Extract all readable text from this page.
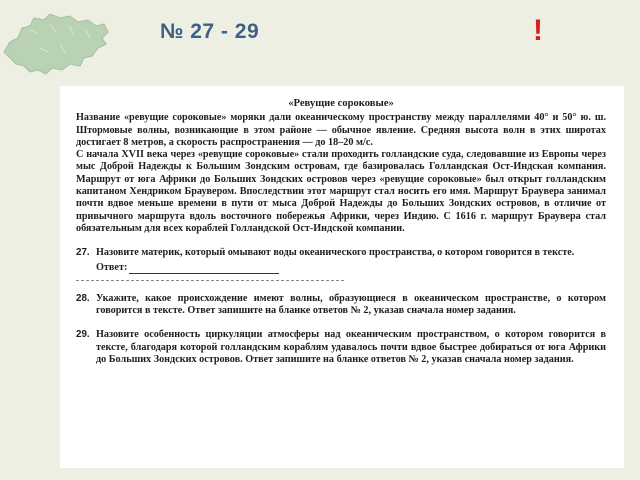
№ 27 - 29	!
«Ревущие сороковые»

Название «ревущие сороковые» моряки дали океаническому пространству между параллелями 40° и 50° ю. ш. Штормовые волны, возникающие в этом районе — обычное явление. Средняя высота волн в этих широтах достигает 8 метров, а скорость распространения — до 18–20 м/с.

С начала XVII века через «ревущие сороковые» стали проходить голландские суда, следовавшие из Европы через мыс Доброй Надежды к Большим Зондским островам, где базировалась Голландская Ост-Индская компания. Маршрут от юга Африки до Больших Зондских островов через «ревущие сороковые» был открыт голландским капитаном Хендриком Браувером. Впоследствии этот маршрут стал носить его имя. Маршрут Браувера занимал почти вдвое меньше времени в пути от мыса Доброй Надежды до Больших Зондских островов, в отличие от привычного маршрута вдоль восточного побережья Африки, через Индию. С 1616 г. маршрут Браувера стал обязательным для всех кораблей Голландской Ост-Индской компании.

27. Назовите материк, который омывают воды океанического пространства, о котором говорится в тексте.
Ответ:
28. Укажите, какое происхождение имеют волны, образующиеся в океаническом пространстве, о котором говорится в тексте. Ответ запишите на бланке ответов № 2, указав сначала номер задания.
29. Назовите особенность циркуляции атмосферы над океаническим пространством, о котором говорится в тексте, благодаря которой голландским кораблям удавалось почти вдвое быстрее добираться от юга Африки до Больших Зондских островов. Ответ запишите на бланке ответов № 2, указав сначала номер задания.
